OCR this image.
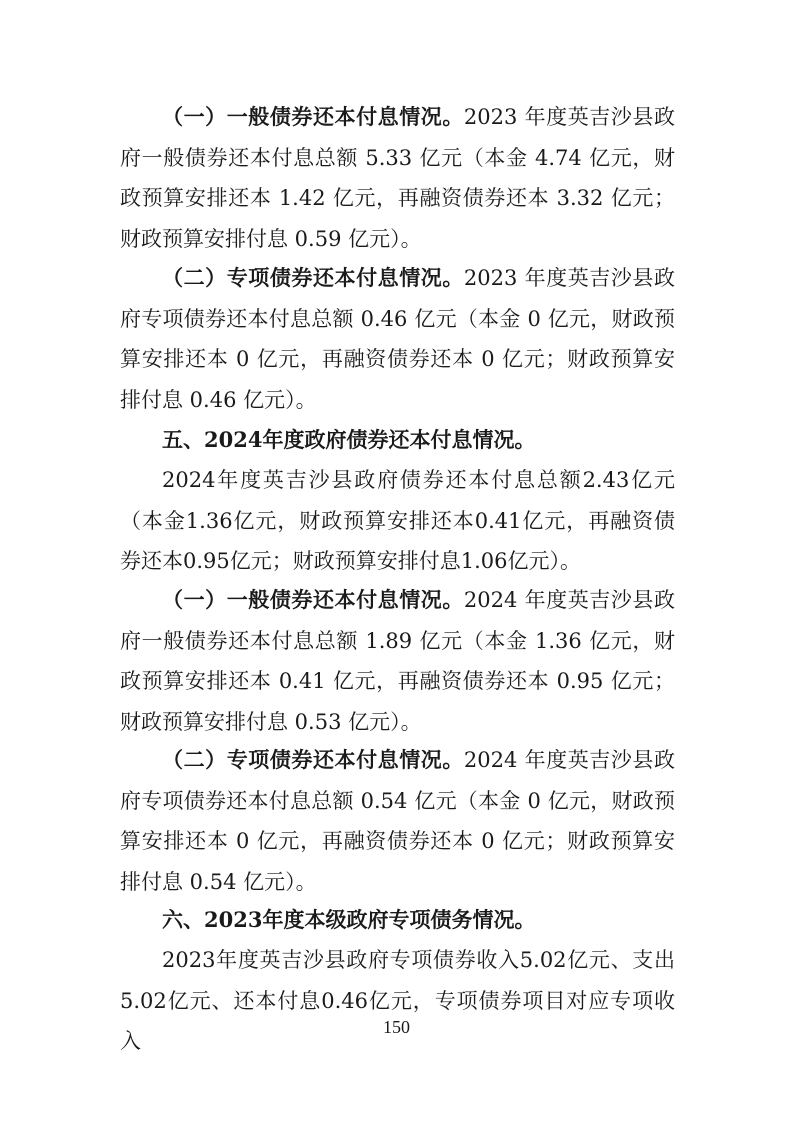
（一）一般债券还本付息情况。2023 年度英吉沙县政府一般债券还本付息总额 5.33 亿元（本金 4.74 亿元，财政预算安排还本 1.42 亿元，再融资债券还本 3.32 亿元；财政预算安排付息 0.59 亿元）。

（二）专项债券还本付息情况。2023 年度英吉沙县政府专项债券还本付息总额 0.46 亿元（本金 0 亿元，财政预算安排还本 0 亿元，再融资债券还本 0 亿元；财政预算安排付息 0.46 亿元）。

五、2024年度政府债券还本付息情况。

2024年度英吉沙县政府债券还本付息总额2.43亿元（本金1.36亿元，财政预算安排还本0.41亿元，再融资债券还本0.95亿元；财政预算安排付息1.06亿元）。

（一）一般债券还本付息情况。2024 年度英吉沙县政府一般债券还本付息总额 1.89 亿元（本金 1.36 亿元，财政预算安排还本 0.41 亿元，再融资债券还本 0.95 亿元；财政预算安排付息 0.53 亿元）。

（二）专项债券还本付息情况。2024 年度英吉沙县政府专项债券还本付息总额 0.54 亿元（本金 0 亿元，财政预算安排还本 0 亿元，再融资债券还本 0 亿元；财政预算安排付息 0.54 亿元）。

六、2023年度本级政府专项债务情况。

2023年度英吉沙县政府专项债券收入5.02亿元、支出5.02亿元、还本付息0.46亿元，专项债券项目对应专项收入

150
